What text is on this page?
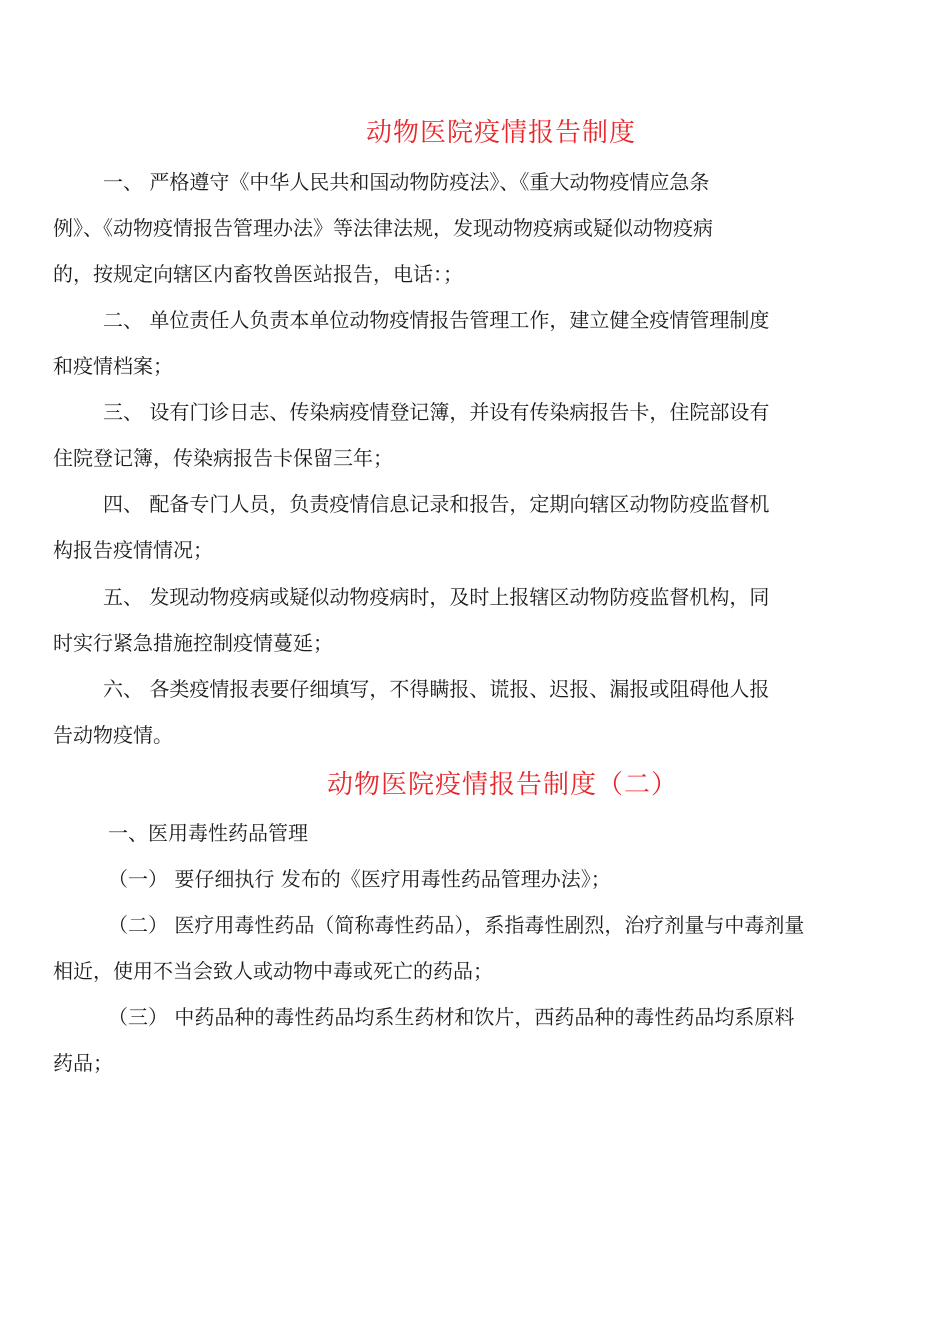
动物医院疫情报告制度
一、 严格遵守《中华人民共和国动物防疫法》、《重大动物疫情应急条
例》、《动物疫情报告管理办法》等法律法规，发现动物疫病或疑似动物疫病
的，按规定向辖区内畜牧兽医站报告，电话：；
二、 单位责任人负责本单位动物疫情报告管理工作，建立健全疫情管理制度
和疫情档案；
三、 设有门诊日志、传染病疫情登记簿，并设有传染病报告卡，住院部设有
住院登记簿，传染病报告卡保留三年；
四、 配备专门人员，负责疫情信息记录和报告，定期向辖区动物防疫监督机
构报告疫情情况；
五、 发现动物疫病或疑似动物疫病时，及时上报辖区动物防疫监督机构，同
时实行紧急措施控制疫情蔓延；
六、 各类疫情报表要仔细填写，不得瞒报、谎报、迟报、漏报或阻碍他人报
告动物疫情。
动物医院疫情报告制度（二）
一、医用毒性药品管理
（一） 要仔细执行 发布的《医疗用毒性药品管理办法》；
（二） 医疗用毒性药品（简称毒性药品），系指毒性剧烈，治疗剂量与中毒剂量
相近，使用不当会致人或动物中毒或死亡的药品；
（三） 中药品种的毒性药品均系生药材和饮片，西药品种的毒性药品均系原料
药品；
